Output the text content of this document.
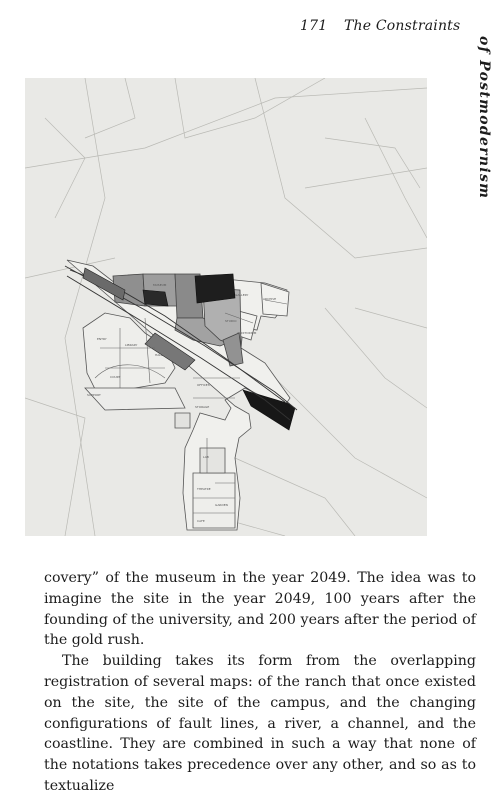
171 The Constraints
of Postmodernism
MUSEUM
GALLERY
ARCHIVE
LIBRARY
ENTRY
HALL
COURT
OFFICES
STORAGE
LAB
THEATRE
GARDEN
CAFE
STUDIO
SUPPORT
AUDITORIUM

covery” of the museum in the year 2049. The idea was to imagine the site in the year 2049, 100 years after the founding of the university, and 200 years after the period of the gold rush.

The building takes its form from the overlapping registration of several maps: of the ranch that once existed on the site, the site of the campus, and the changing configurations of fault lines, a river, a channel, and the coastline. They are combined in such a way that none of the notations takes precedence over any other, and so as to textualize
